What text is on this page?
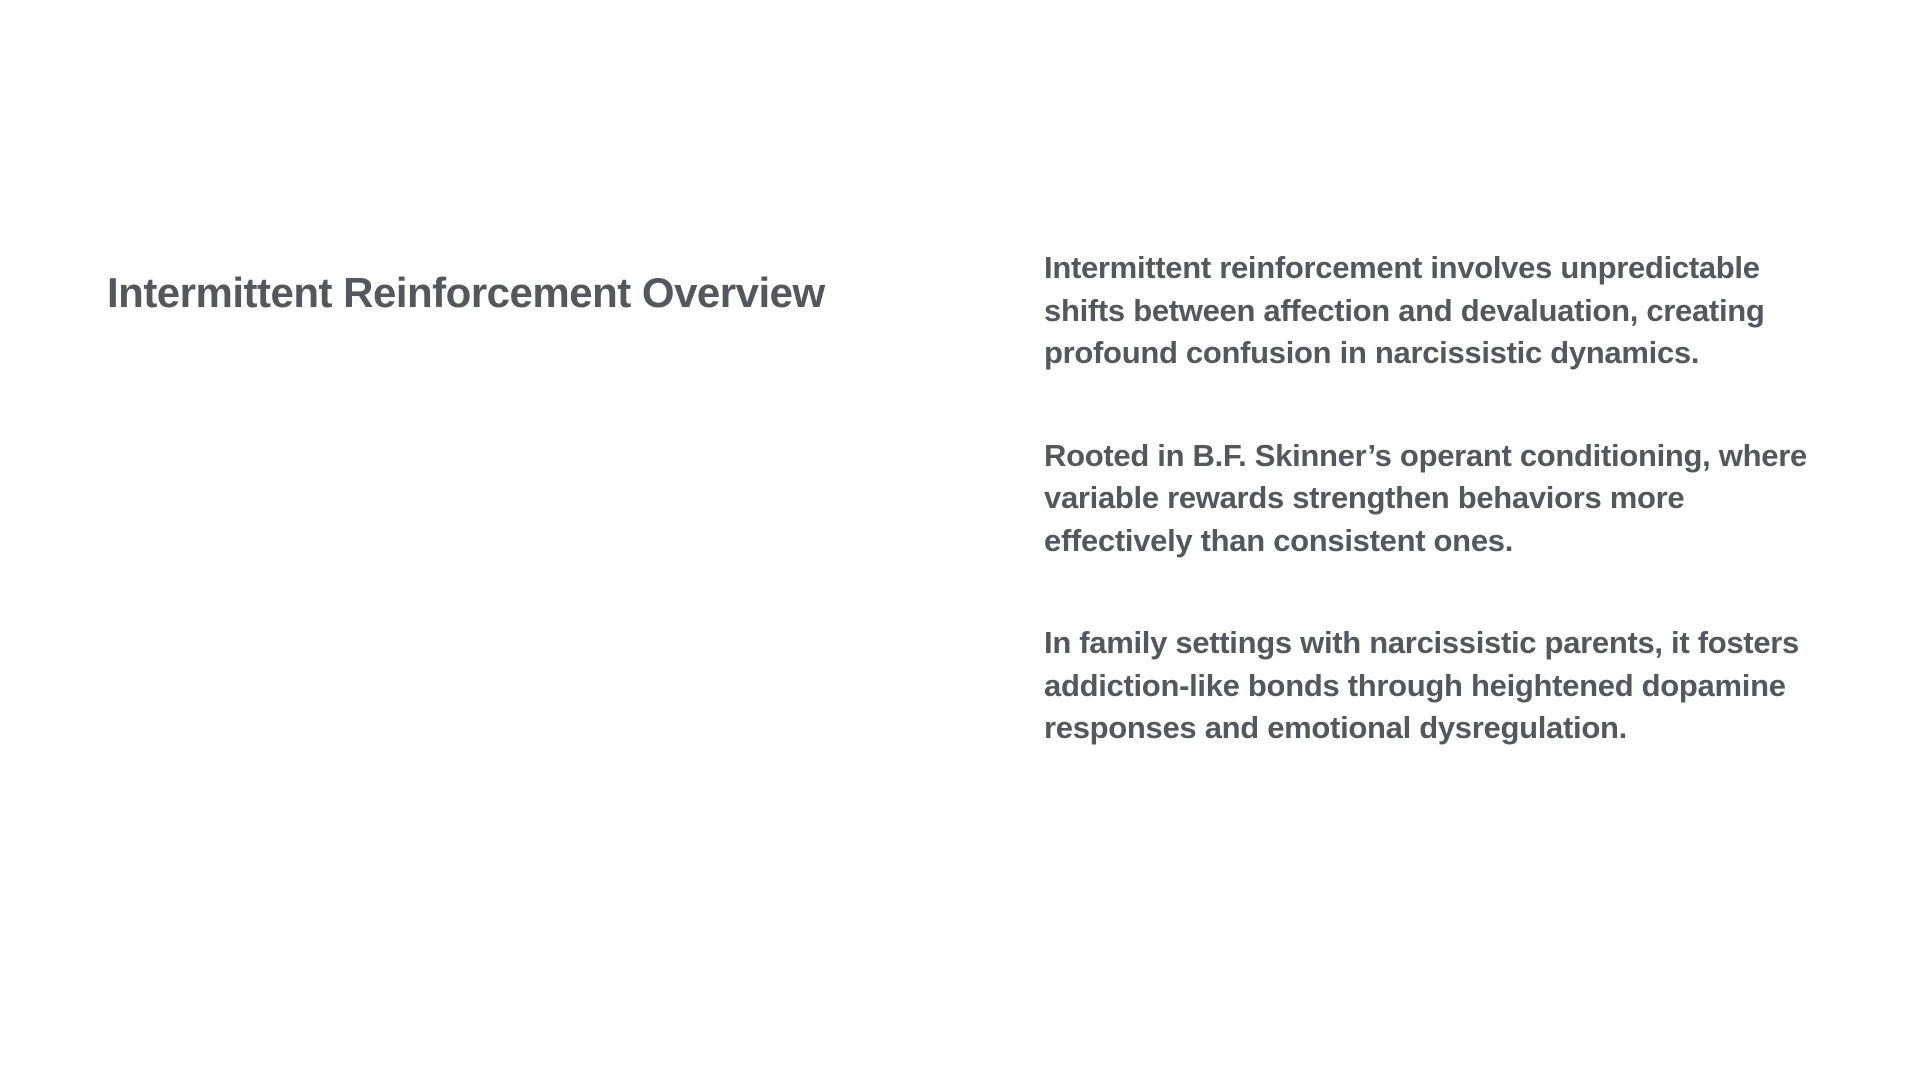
Intermittent Reinforcement Overview

Intermittent reinforcement involves unpredictable shifts between affection and devaluation, creating profound confusion in narcissistic dynamics.

Rooted in B.F. Skinner’s operant conditioning, where variable rewards strengthen behaviors more effectively than consistent ones.

In family settings with narcissistic parents, it fosters addiction-like bonds through heightened dopamine responses and emotional dysregulation.
